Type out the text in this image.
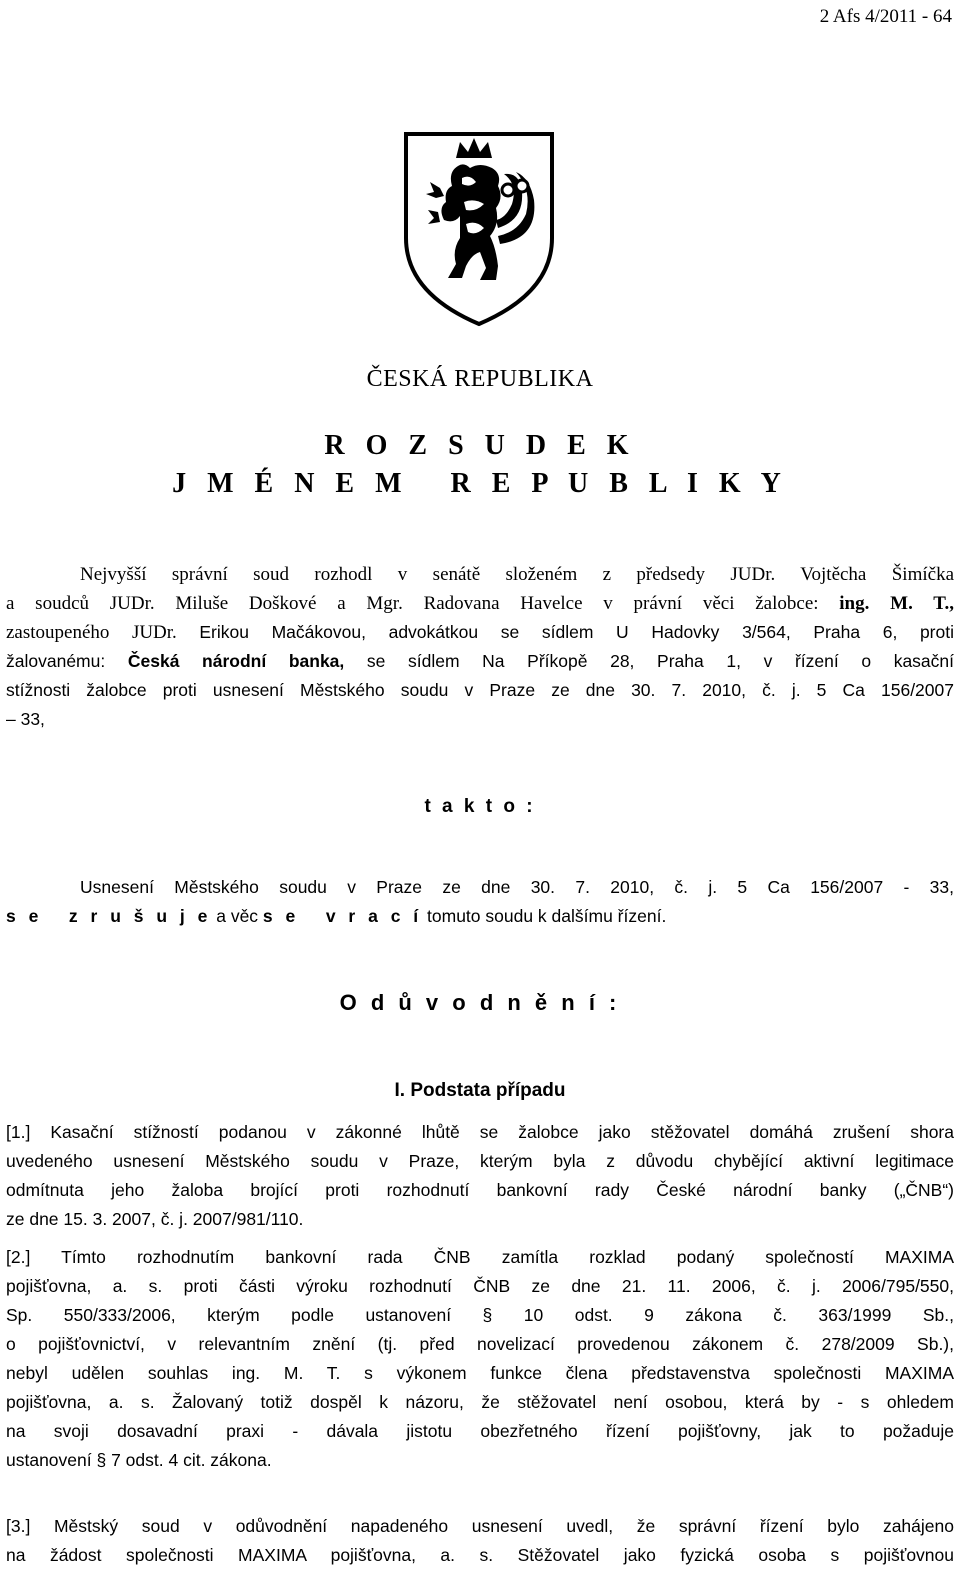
2 Afs 4/2011 - 64
ČESKÁ REPUBLIKA
R O Z S U D E K
J M É N E M   R E P U B L I K Y
Nejvyšší správní soud rozhodl v senátě složeném z předsedy JUDr. Vojtěcha Šimíčka
a soudců JUDr. Miluše Doškové a Mgr. Radovana Havelce v právní věci žalobce: ing. M. T.,
zastoupeného JUDr. Erikou Mačákovou, advokátkou se sídlem U Hadovky 3/564, Praha 6, proti
žalovanému: Česká národní banka, se sídlem Na Příkopě 28, Praha 1, v řízení o kasační
stížnosti žalobce proti usnesení Městského soudu v Praze ze dne 30. 7. 2010, č. j. 5 Ca 156/2007
– 33,
t a k t o :
Usnesení Městského soudu v Praze ze dne 30. 7. 2010, č. j. 5 Ca 156/2007 - 33,
s e   z r u š u j e a věc s e   v r a c í tomuto soudu k dalšímu řízení.
O d ů v o d n ě n í :
I. Podstata případu
[1.] Kasační stížností podanou v zákonné lhůtě se žalobce jako stěžovatel domáhá zrušení shora
uvedeného usnesení Městského soudu v Praze, kterým byla z důvodu chybějící aktivní legitimace
odmítnuta jeho žaloba brojící proti rozhodnutí bankovní rady České národní banky („ČNB“)
ze dne 15. 3. 2007, č. j. 2007/981/110.
[2.] Tímto rozhodnutím bankovní rada ČNB zamítla rozklad podaný společností MAXIMA
pojišťovna, a. s. proti části výroku rozhodnutí ČNB ze dne 21. 11. 2006, č. j. 2006/795/550,
Sp. 550/333/2006, kterým podle ustanovení § 10 odst. 9 zákona č. 363/1999 Sb.,
o pojišťovnictví, v relevantním znění (tj. před novelizací provedenou zákonem č. 278/2009 Sb.),
nebyl udělen souhlas ing. M. T. s výkonem funkce člena představenstva společnosti MAXIMA
pojišťovna, a. s. Žalovaný totiž dospěl k názoru, že stěžovatel není osobou, která by - s ohledem
na svoji dosavadní praxi - dávala jistotu obezřetného řízení pojišťovny, jak to požaduje
ustanovení § 7 odst. 4 cit. zákona.
[3.] Městský soud v odůvodnění napadeného usnesení uvedl, že správní řízení bylo zahájeno
na žádost společnosti MAXIMA pojišťovna, a. s. Stěžovatel jako fyzická osoba s pojišťovnou
